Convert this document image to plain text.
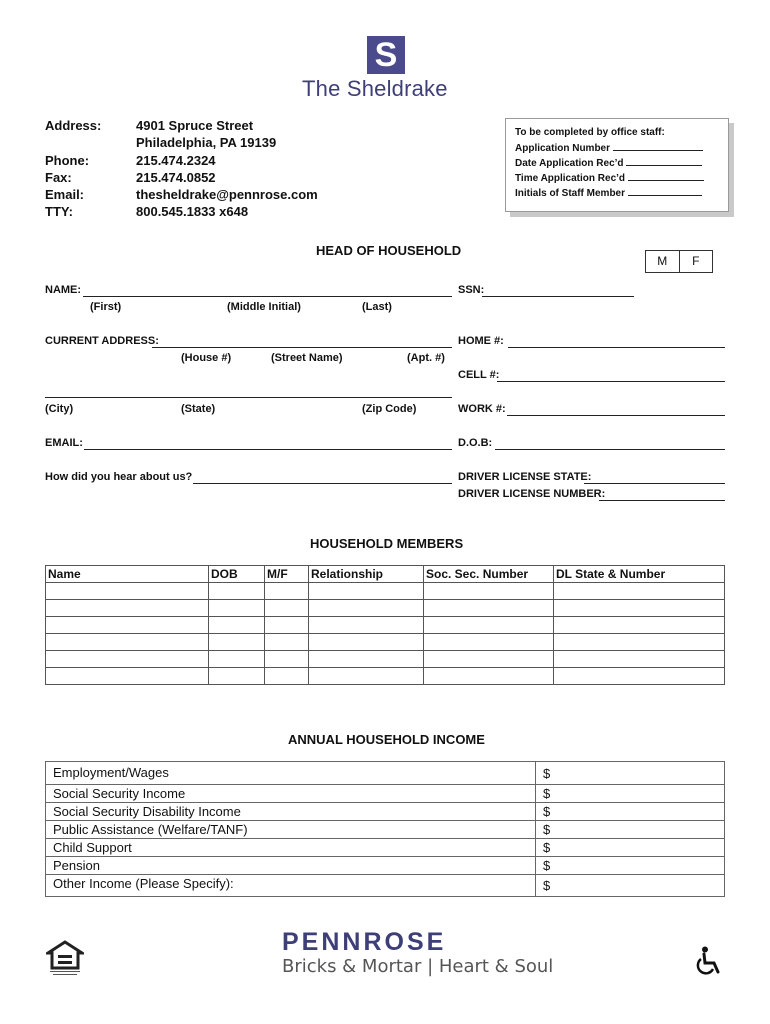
S
The Sheldrake
Address:	4901 Spruce Street
Philadelphia, PA 19139
Phone:	215.474.2324
Fax:	215.474.0852
Email:	thesheldrake@pennrose.com
TTY:	800.545.1833 x648
To be completed by office staff:
Application Number
Date Application Rec’d
Time Application Rec’d
Initials of Staff Member
HEAD OF HOUSEHOLD
M	F
NAME:
(First)	(Middle Initial)	(Last)
SSN:
CURRENT ADDRESS:
(House #)	(Street Name)	(Apt. #)
HOME #:
CELL #:
(City)	(State)	(Zip Code)	WORK #:
EMAIL:	D.O.B:
How did you hear about us?	DRIVER LICENSE STATE:
DRIVER LICENSE NUMBER:
HOUSEHOLD MEMBERS
Name	DOB	M/F	Relationship	Soc. Sec. Number	DL State & Number

ANNUAL HOUSEHOLD INCOME
Employment/Wages	$
Social Security Income	$
Social Security Disability Income	$
Public Assistance (Welfare/TANF)	$
Child Support	$
Pension	$
Other Income (Please Specify):	$
PENNROSE
Bricks & Mortar | Heart & Soul
